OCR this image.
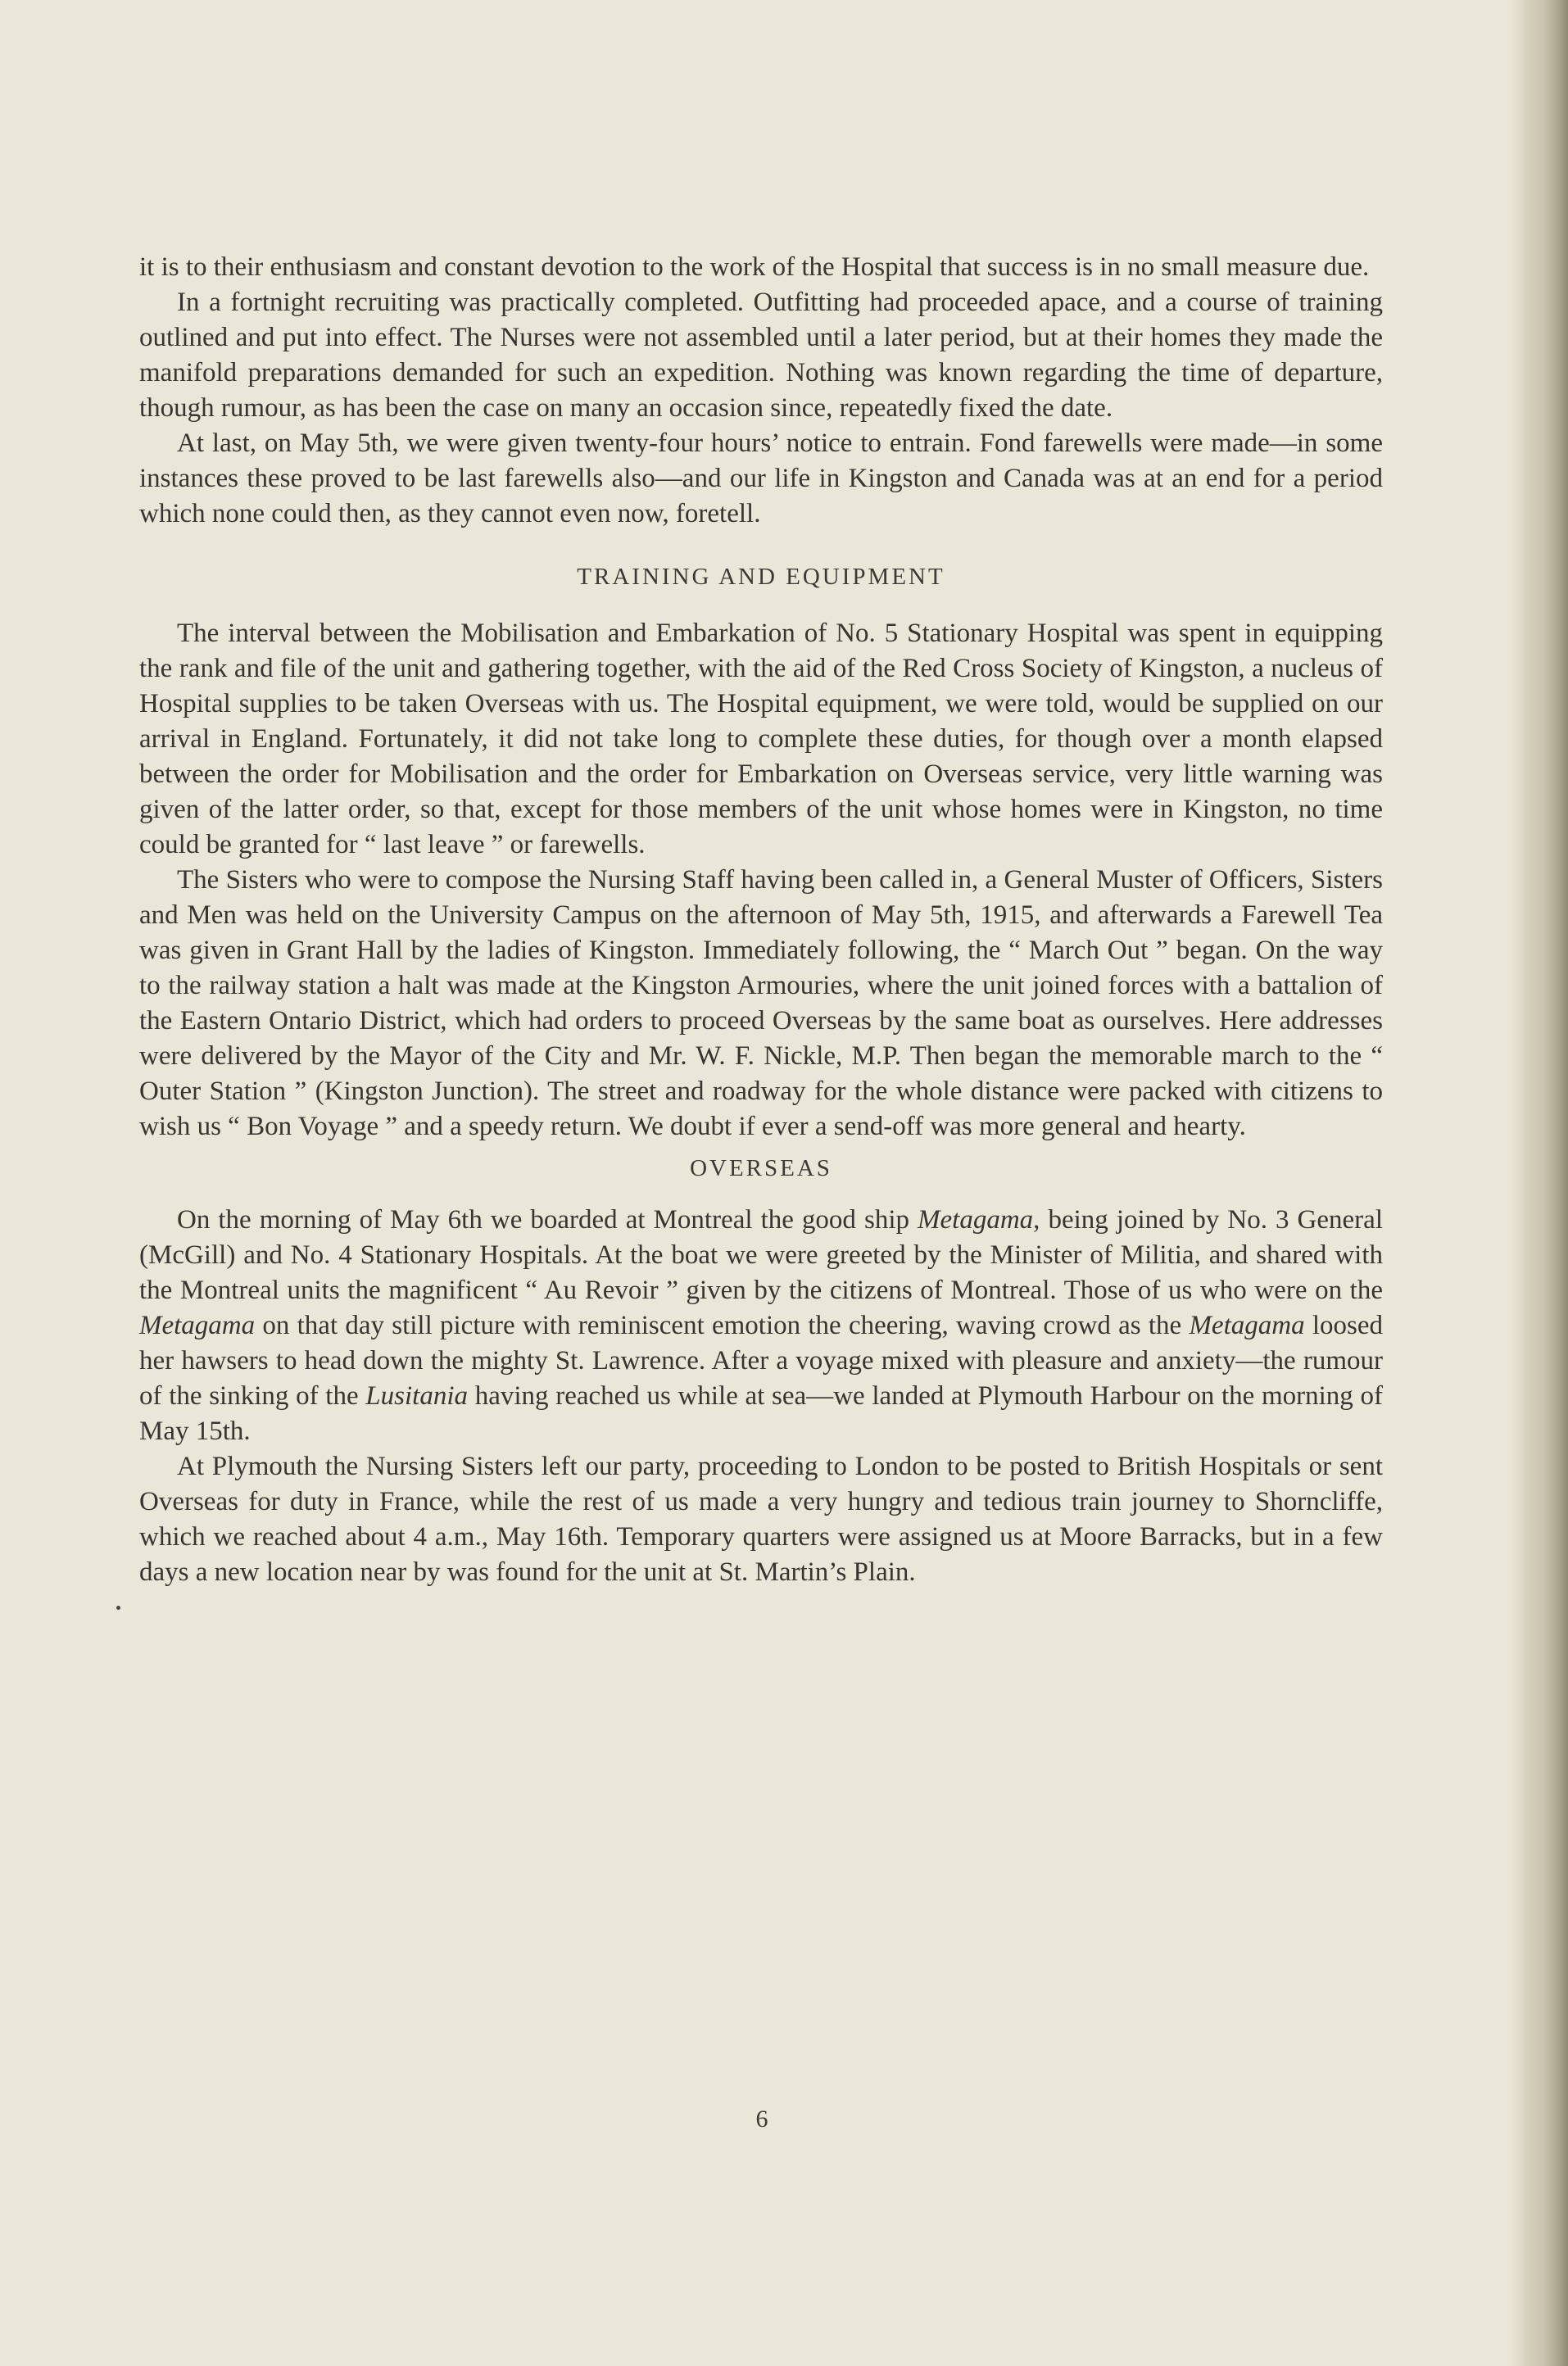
it is to their enthusiasm and constant devotion to the work of the Hospital that success is in no small measure due.

In a fortnight recruiting was practically completed. Outfitting had proceeded apace, and a course of training outlined and put into effect. The Nurses were not assembled until a later period, but at their homes they made the manifold preparations demanded for such an expedition. Nothing was known regarding the time of departure, though rumour, as has been the case on many an occasion since, repeatedly fixed the date.

At last, on May 5th, we were given twenty-four hours’ notice to entrain. Fond farewells were made—in some instances these proved to be last farewells also—and our life in Kingston and Canada was at an end for a period which none could then, as they cannot even now, foretell.

TRAINING AND EQUIPMENT

The interval between the Mobilisation and Embarkation of No. 5 Stationary Hospital was spent in equipping the rank and file of the unit and gathering together, with the aid of the Red Cross Society of Kingston, a nucleus of Hospital supplies to be taken Overseas with us. The Hospital equipment, we were told, would be supplied on our arrival in England. Fortunately, it did not take long to complete these duties, for though over a month elapsed between the order for Mobilisation and the order for Embarkation on Overseas service, very little warning was given of the latter order, so that, except for those members of the unit whose homes were in Kingston, no time could be granted for “ last leave ” or farewells.

The Sisters who were to compose the Nursing Staff having been called in, a General Muster of Officers, Sisters and Men was held on the University Campus on the afternoon of May 5th, 1915, and afterwards a Farewell Tea was given in Grant Hall by the ladies of Kingston. Immediately following, the “ March Out ” began. On the way to the railway station a halt was made at the Kingston Armouries, where the unit joined forces with a battalion of the Eastern Ontario District, which had orders to proceed Overseas by the same boat as ourselves. Here addresses were delivered by the Mayor of the City and Mr. W. F. Nickle, M.P. Then began the memorable march to the “ Outer Station ” (Kingston Junction). The street and roadway for the whole distance were packed with citizens to wish us “ Bon Voyage ” and a speedy return. We doubt if ever a send-off was more general and hearty.

OVERSEAS

On the morning of May 6th we boarded at Montreal the good ship Metagama, being joined by No. 3 General (McGill) and No. 4 Stationary Hospitals. At the boat we were greeted by the Minister of Militia, and shared with the Montreal units the magnificent “ Au Revoir ” given by the citizens of Montreal. Those of us who were on the Metagama on that day still picture with reminiscent emotion the cheering, waving crowd as the Metagama loosed her hawsers to head down the mighty St. Lawrence. After a voyage mixed with pleasure and anxiety—the rumour of the sinking of the Lusitania having reached us while at sea—we landed at Plymouth Harbour on the morning of May 15th.

At Plymouth the Nursing Sisters left our party, proceeding to London to be posted to British Hospitals or sent Overseas for duty in France, while the rest of us made a very hungry and tedious train journey to Shorncliffe, which we reached about 4 a.m., May 16th. Temporary quarters were assigned us at Moore Barracks, but in a few days a new location near by was found for the unit at St. Martin’s Plain.

6
